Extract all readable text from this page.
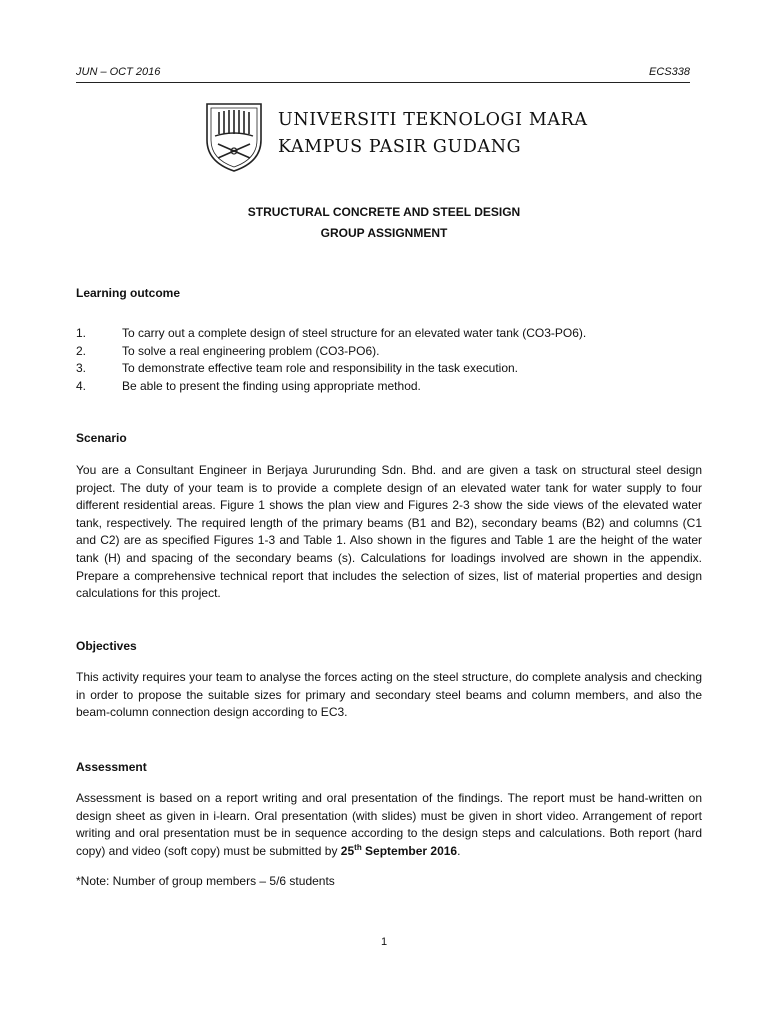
JUN – OCT 2016	ECS338
UNIVERSITI TEKNOLOGI MARA
KAMPUS PASIR GUDANG
STRUCTURAL CONCRETE AND STEEL DESIGN
GROUP ASSIGNMENT
Learning outcome
1.	To carry out a complete design of steel structure for an elevated water tank (CO3-PO6).
2.	To solve a real engineering problem (CO3-PO6).
3.	To demonstrate effective team role and responsibility in the task execution.
4.	Be able to present the finding using appropriate method.
Scenario
You are a Consultant Engineer in Berjaya Jururunding Sdn. Bhd. and are given a task on structural steel design project. The duty of your team is to provide a complete design of an elevated water tank for water supply to four different residential areas. Figure 1 shows the plan view and Figures 2-3 show the side views of the elevated water tank, respectively. The required length of the primary beams (B1 and B2), secondary beams (B2) and columns (C1 and C2) are as specified Figures 1-3 and Table 1. Also shown in the figures and Table 1 are the height of the water tank (H) and spacing of the secondary beams (s). Calculations for loadings involved are shown in the appendix. Prepare a comprehensive technical report that includes the selection of sizes, list of material properties and design calculations for this project.
Objectives
This activity requires your team to analyse the forces acting on the steel structure, do complete analysis and checking in order to propose the suitable sizes for primary and secondary steel beams and column members, and also the beam-column connection design according to EC3.
Assessment
Assessment is based on a report writing and oral presentation of the findings. The report must be hand-written on design sheet as given in i-learn. Oral presentation (with slides) must be given in short video. Arrangement of report writing and oral presentation must be in sequence according to the design steps and calculations. Both report (hard copy) and video (soft copy) must be submitted by 25th September 2016.
*Note: Number of group members – 5/6 students
1
